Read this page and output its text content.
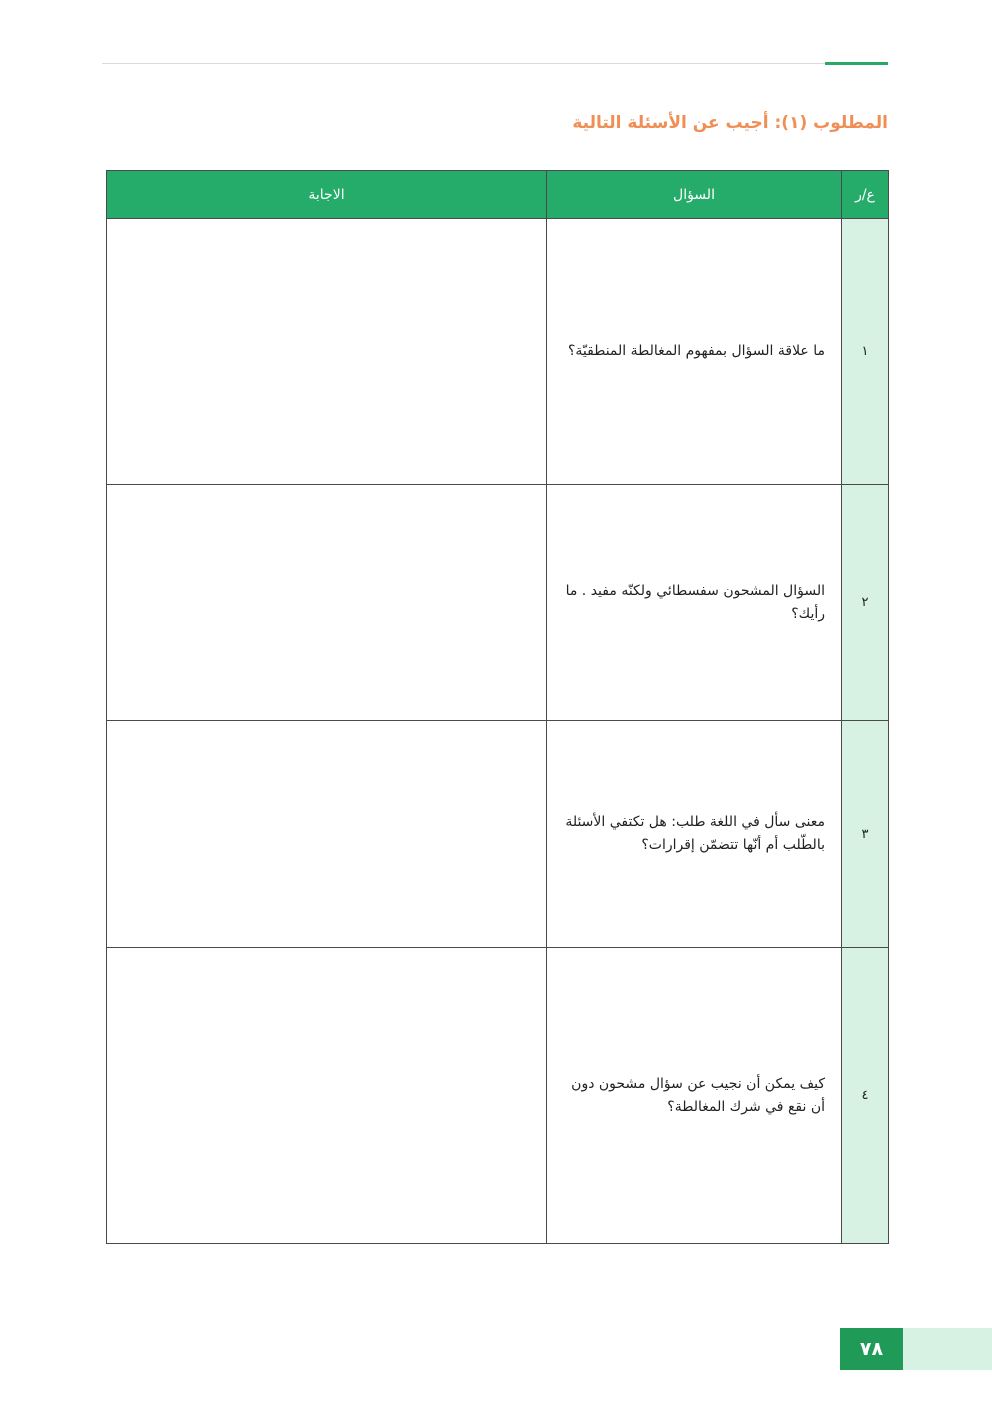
المطلوب (١): أجيب عن الأسئلة التالية
ع/ر	السؤال	الاجابة
١	ما علاقة السؤال بمفهوم المغالطة المنطقيّة؟	
٢	السؤال المشحون سفسطائي ولكنّه مفيد . ما رأيك؟	
٣	معنى سأل في اللغة طلب: هل تكتفي الأسئلة بالطّلب أم أنّها تتضمّن إقرارات؟	
٤	كيف يمكن أن نجيب عن سؤال مشحون دون أن نقع في شرك المغالطة؟	
٧٨
